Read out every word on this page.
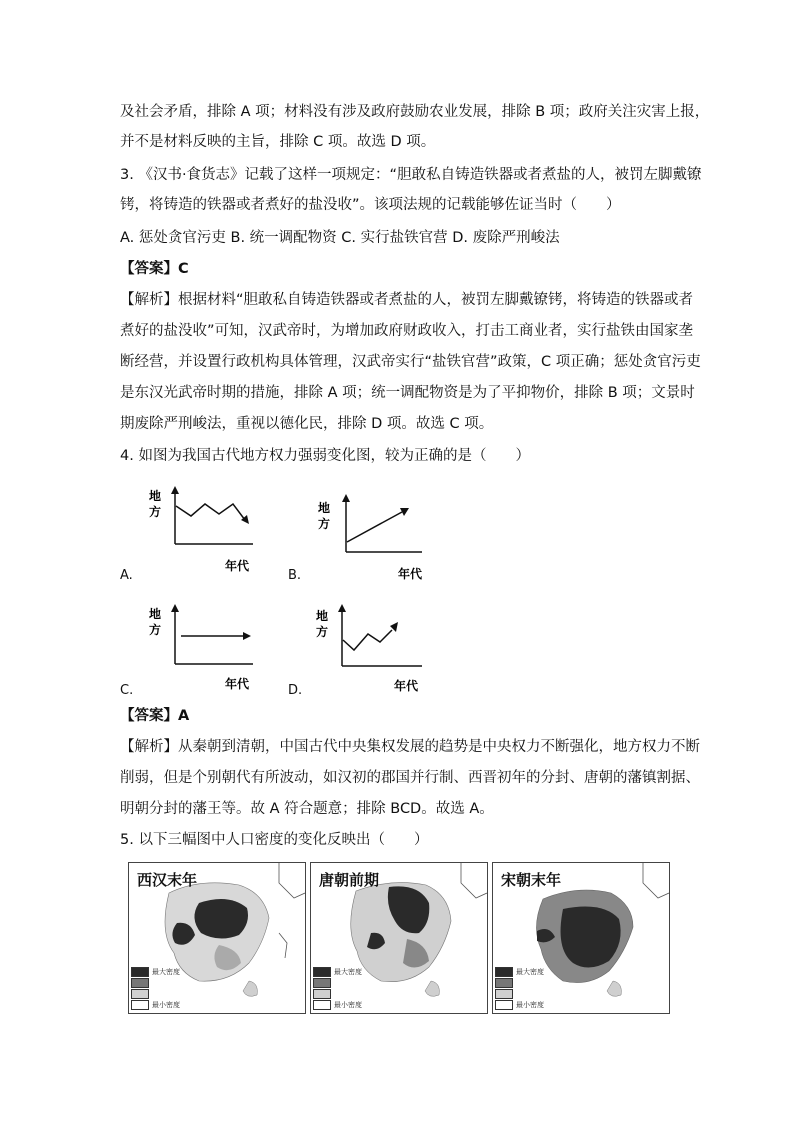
及社会矛盾，排除 A 项；材料没有涉及政府鼓励农业发展，排除 B 项；政府关注灾害上报，
并不是材料反映的主旨，排除 C 项。故选 D 项。
3. 《汉书·食货志》记载了这样一项规定：“胆敢私自铸造铁器或者煮盐的人，被罚左脚戴镣
铐，将铸造的铁器或者煮好的盐没收”。该项法规的记载能够佐证当时（　　）
A. 惩处贪官污吏 B. 统一调配物资 C. 实行盐铁官营 D. 废除严刑峻法
【答案】C
【解析】根据材料“胆敢私自铸造铁器或者煮盐的人，被罚左脚戴镣铐，将铸造的铁器或者
煮好的盐没收”可知，汉武帝时，为增加政府财政收入，打击工商业者，实行盐铁由国家垄
断经营，并设置行政机构具体管理，汉武帝实行“盐铁官营”政策，C 项正确；惩处贪官污吏
是东汉光武帝时期的措施，排除 A 项；统一调配物资是为了平抑物价，排除 B 项；文景时
期废除严刑峻法，重视以德化民，排除 D 项。故选 C 项。
4. 如图为我国古代地方权力强弱变化图，较为正确的是（　　）
A.
地
方
年代
B.
地
方
年代
C.
地
方
年代	D.
地
方
年代
【答案】A
【解析】从秦朝到清朝，中国古代中央集权发展的趋势是中央权力不断强化，地方权力不断
削弱，但是个别朝代有所波动，如汉初的郡国并行制、西晋初年的分封、唐朝的藩镇割据、
明朝分封的藩王等。故 A 符合题意；排除 BCD。故选 A。
5. 以下三幅图中人口密度的变化反映出（　　）
西汉末年
最大密度
最小密度
唐朝前期
最大密度
最小密度
宋朝末年
最大密度
最小密度
